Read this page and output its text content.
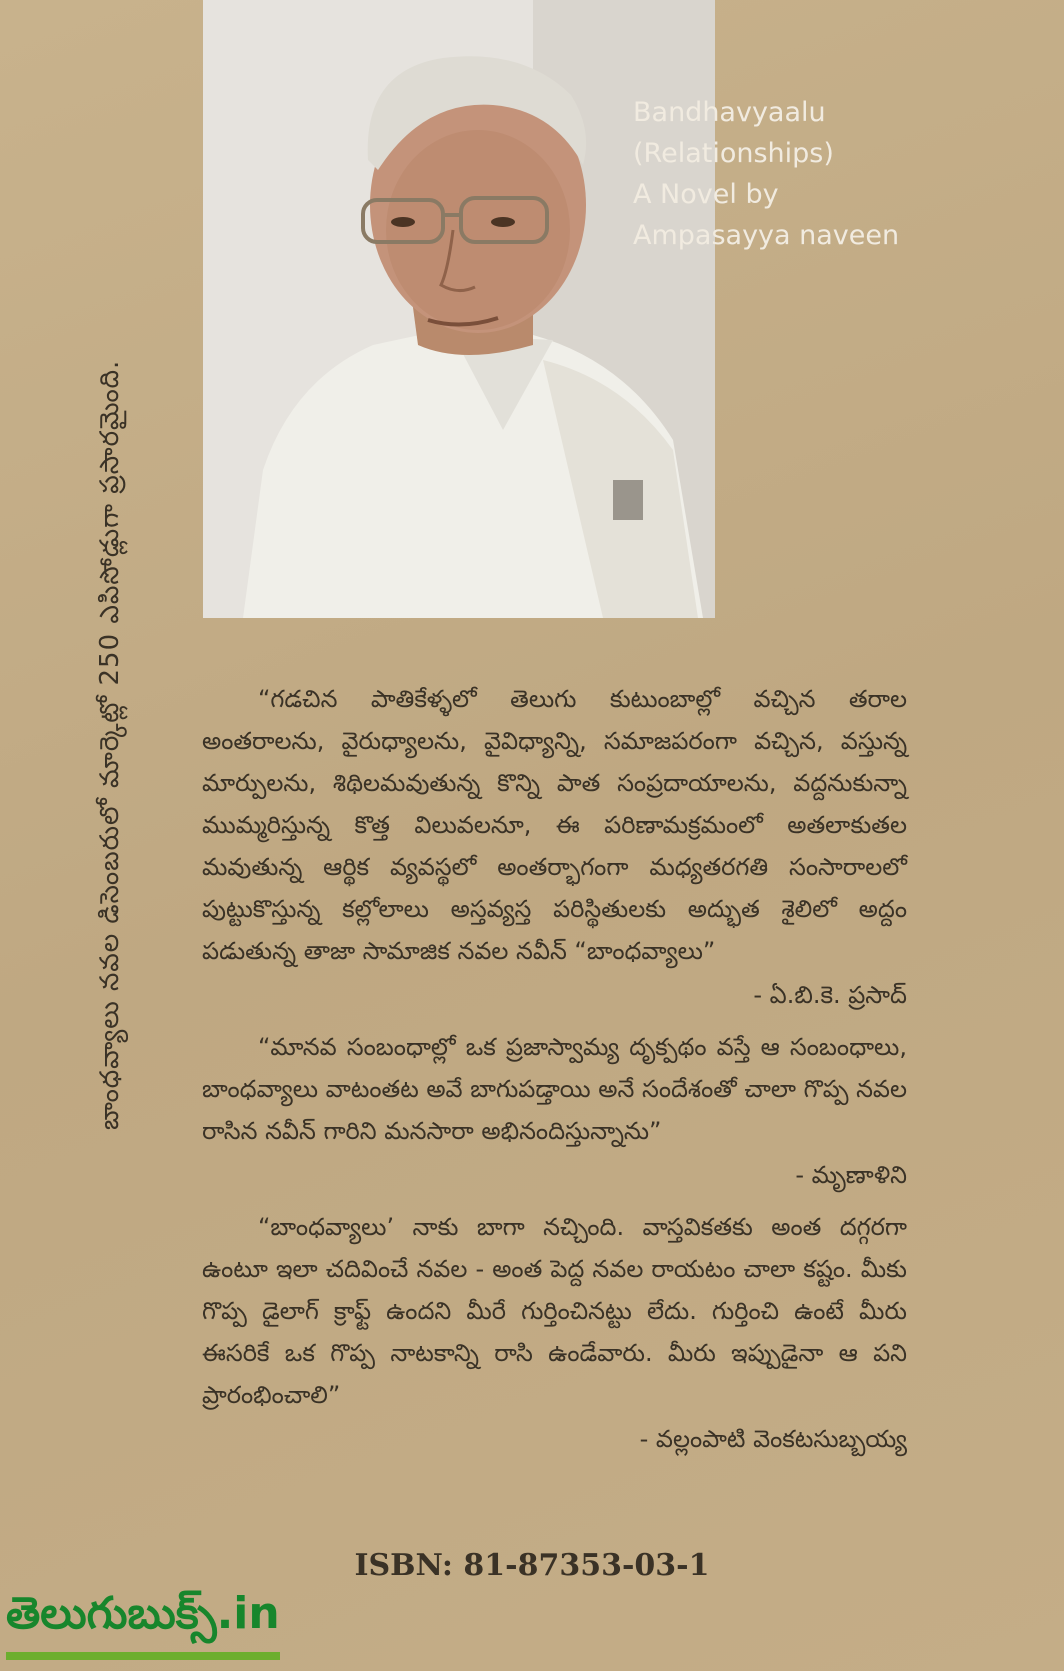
బాంధవ్యాలు నవల డిసెంబరులో మార్కెట్లో 250 ఎపిసోడ్లుగా ప్రసారమైంది.
Bandhavyaalu
(Relationships)
A Novel by
Ampasayya naveen

“గడచిన పాతికేళ్ళలో తెలుగు కుటుంబాల్లో వచ్చిన తరాల అంతరాలను, వైరుధ్యాలను, వైవిధ్యాన్ని, సమాజపరంగా వచ్చిన, వస్తున్న మార్పులను, శిథిలమవుతున్న కొన్ని పాత సంప్రదాయాలను, వద్దనుకున్నా ముమ్మరిస్తున్న కొత్త విలువలనూ, ఈ పరిణామక్రమంలో అతలాకుతల మవుతున్న ఆర్థిక వ్యవస్థలో అంతర్భాగంగా మధ్యతరగతి సంసారాలలో పుట్టుకొస్తున్న కల్లోలాలు అస్తవ్యస్త పరిస్థితులకు అద్భుత శైలిలో అద్దం పడుతున్న తాజా సామాజిక నవల నవీన్ “బాంధవ్యాలు”

- ఏ.బి.కె. ప్రసాద్

“మానవ సంబంధాల్లో ఒక ప్రజాస్వామ్య దృక్పథం వస్తే ఆ సంబంధాలు, బాంధవ్యాలు వాటంతట అవే బాగుపడ్తాయి అనే సందేశంతో చాలా గొప్ప నవల రాసిన నవీన్ గారిని మనసారా అభినందిస్తున్నాను”

- మృణాళిని

“బాంధవ్యాలు’ నాకు బాగా నచ్చింది. వాస్తవికతకు అంత దగ్గరగా ఉంటూ ఇలా చదివించే నవల - అంత పెద్ద నవల రాయటం చాలా కష్టం. మీకు గొప్ప డైలాగ్ క్రాఫ్ట్ ఉందని మీరే గుర్తించినట్టు లేదు. గుర్తించి ఉంటే మీరు ఈసరికే ఒక గొప్ప నాటకాన్ని రాసి ఉండేవారు. మీరు ఇప్పుడైనా ఆ పని ప్రారంభించాలి”

- వల్లంపాటి వెంకటసుబ్బయ్య
ISBN: 81-87353-03-1
తెలుగుబుక్స్.in
